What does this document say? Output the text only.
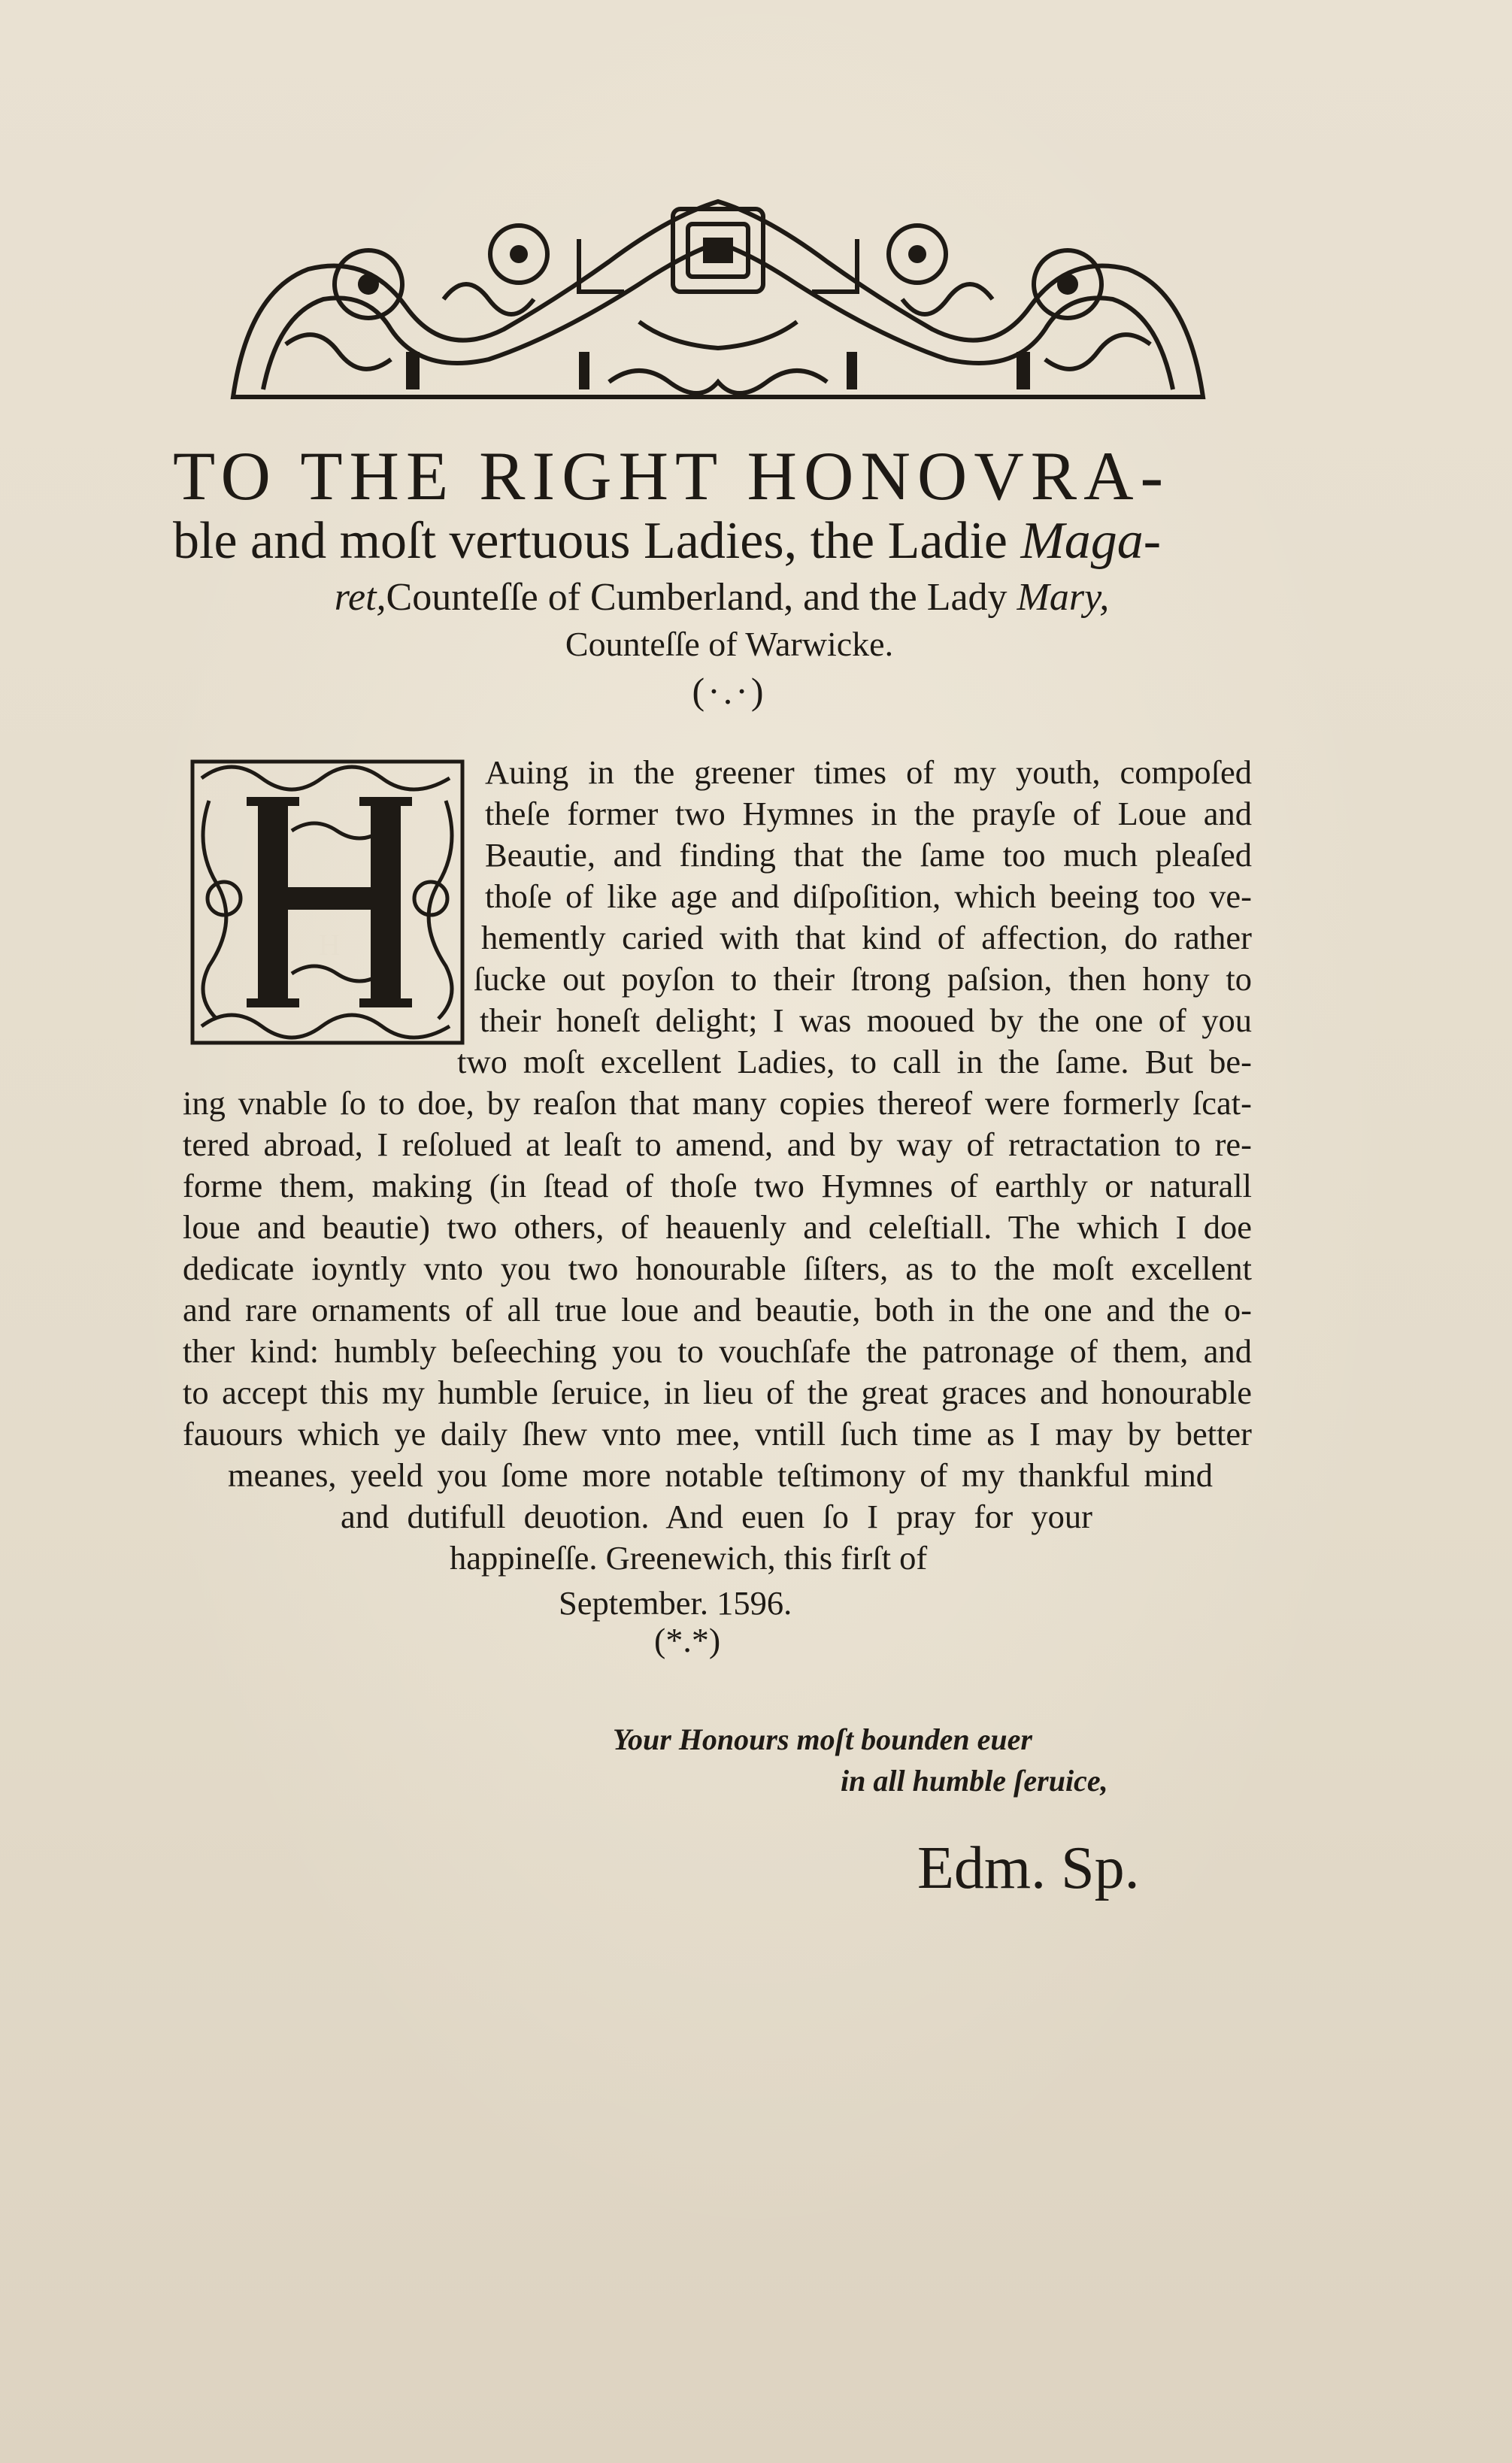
TO THE RIGHT HONOVRA-
ble and moſt vertuous Ladies, the Ladie Maga-
ret,Counteſſe of Cumberland, and the Lady Mary,
Counteſſe of Warwicke.
(·.·)
H
Auing in the greener times of my youth, compoſed
theſe former two Hymnes in the prayſe of Loue and
Beautie, and finding that the ſame too much pleaſed
thoſe of like age and diſpoſition, which beeing too ve-
hemently caried with that kind of affection, do rather
ſucke out poyſon to their ſtrong paſsion, then hony to
their honeſt delight; I was mooued by the one of you
two moſt excellent Ladies, to call in the ſame. But be-
ing vnable ſo to doe, by reaſon that many copies thereof were formerly ſcat-
tered abroad, I reſolued at leaſt to amend, and by way of retractation to re-
forme them, making (in ſtead of thoſe two Hymnes of earthly or naturall
loue and beautie) two others, of heauenly and celeſtiall. The which I doe
dedicate ioyntly vnto you two honourable ſiſters, as to the moſt excellent
and rare ornaments of all true loue and beautie, both in the one and the o-
ther kind: humbly beſeeching you to vouchſafe the patronage of them, and
to accept this my humble ſeruice, in lieu of the great graces and honourable
fauours which ye daily ſhew vnto mee, vntill ſuch time as I may by better
meanes, yeeld you ſome more notable teſtimony of my thankful mind
and dutifull deuotion. And euen ſo I pray for your
happineſſe. Greenewich, this firſt of
September. 1596.
(*.*)
Your Honours moſt bounden euer
in all humble ſeruice,
Edm. Sp.
